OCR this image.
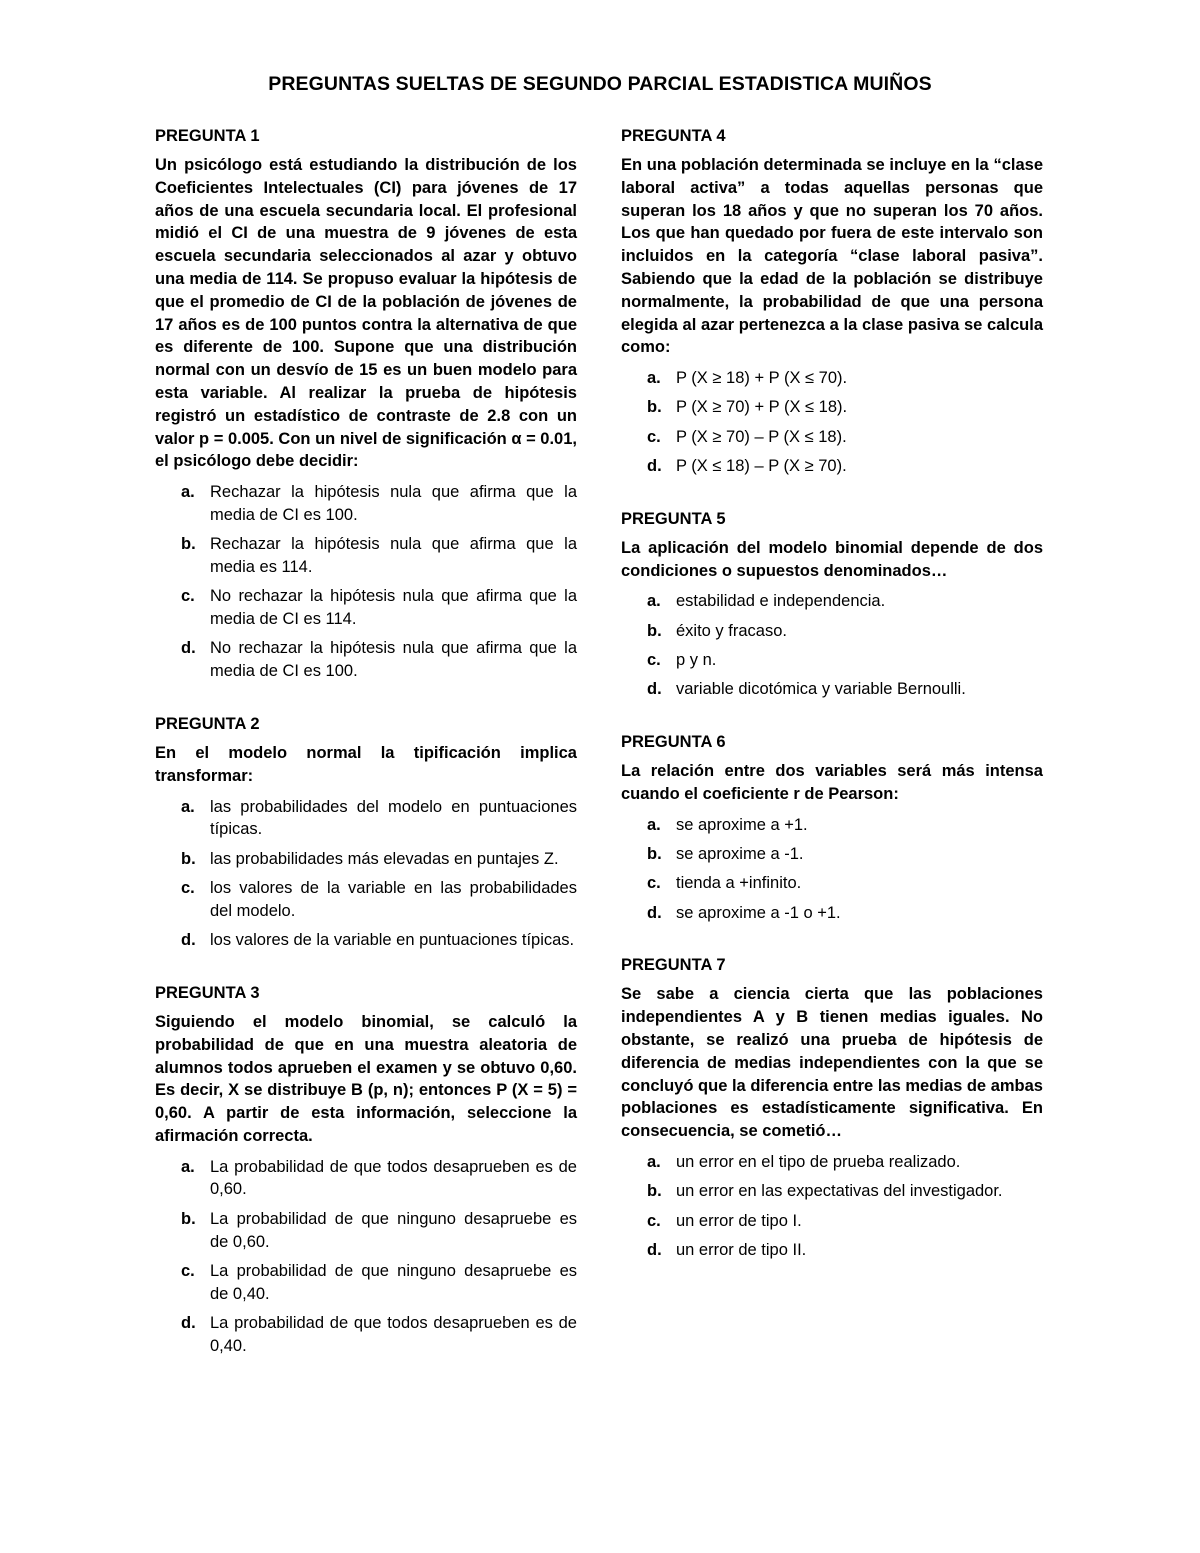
PREGUNTAS SUELTAS DE SEGUNDO PARCIAL ESTADISTICA MUIÑOS
PREGUNTA 1
Un psicólogo está estudiando la distribución de los Coeficientes Intelectuales (CI) para jóvenes de 17 años de una escuela secundaria local. El profesional midió el CI de una muestra de 9 jóvenes de esta escuela secundaria seleccionados al azar y obtuvo una media de 114. Se propuso evaluar la hipótesis de que el promedio de CI de la población de jóvenes de 17 años es de 100 puntos contra la alternativa de que es diferente de 100. Supone que una distribución normal con un desvío de 15 es un buen modelo para esta variable. Al realizar la prueba de hipótesis registró un estadístico de contraste de 2.8 con un valor p = 0.005. Con un nivel de significación α = 0.01, el psicólogo debe decidir:
a. Rechazar la hipótesis nula que afirma que la media de CI es 100.
b. Rechazar la hipótesis nula que afirma que la media es 114.
c. No rechazar la hipótesis nula que afirma que la media de CI es 114.
d. No rechazar la hipótesis nula que afirma que la media de CI es 100.
PREGUNTA 2
En el modelo normal la tipificación implica transformar:
a. las probabilidades del modelo en puntuaciones típicas.
b. las probabilidades más elevadas en puntajes Z.
c. los valores de la variable en las probabilidades del modelo.
d. los valores de la variable en puntuaciones típicas.
PREGUNTA 3
Siguiendo el modelo binomial, se calculó la probabilidad de que en una muestra aleatoria de alumnos todos aprueben el examen y se obtuvo 0,60. Es decir, X se distribuye B (p, n); entonces P (X = 5) = 0,60. A partir de esta información, seleccione la afirmación correcta.
a. La probabilidad de que todos desaprueben es de 0,60.
b. La probabilidad de que ninguno desapruebe es de 0,60.
c. La probabilidad de que ninguno desapruebe es de 0,40.
d. La probabilidad de que todos desaprueben es de 0,40.
PREGUNTA 4
En una población determinada se incluye en la “clase laboral activa” a todas aquellas personas que superan los 18 años y que no superan los 70 años. Los que han quedado por fuera de este intervalo son incluidos en la categoría “clase laboral pasiva”. Sabiendo que la edad de la población se distribuye normalmente, la probabilidad de que una persona elegida al azar pertenezca a la clase pasiva se calcula como:
a. P (X ≥ 18) + P (X ≤ 70).
b. P (X ≥ 70) + P (X ≤ 18).
c. P (X ≥ 70) – P (X ≤ 18).
d. P (X ≤ 18) – P (X ≥ 70).
PREGUNTA 5
La aplicación del modelo binomial depende de dos condiciones o supuestos denominados…
a. estabilidad e independencia.
b. éxito y fracaso.
c. p y n.
d. variable dicotómica y variable Bernoulli.
PREGUNTA 6
La relación entre dos variables será más intensa cuando el coeficiente r de Pearson:
a. se aproxime a +1.
b. se aproxime a -1.
c. tienda a +infinito.
d. se aproxime a -1 o +1.
PREGUNTA 7
Se sabe a ciencia cierta que las poblaciones independientes A y B tienen medias iguales. No obstante, se realizó una prueba de hipótesis de diferencia de medias independientes con la que se concluyó que la diferencia entre las medias de ambas poblaciones es estadísticamente significativa. En consecuencia, se cometió…
a. un error en el tipo de prueba realizado.
b. un error en las expectativas del investigador.
c. un error de tipo I.
d. un error de tipo II.
